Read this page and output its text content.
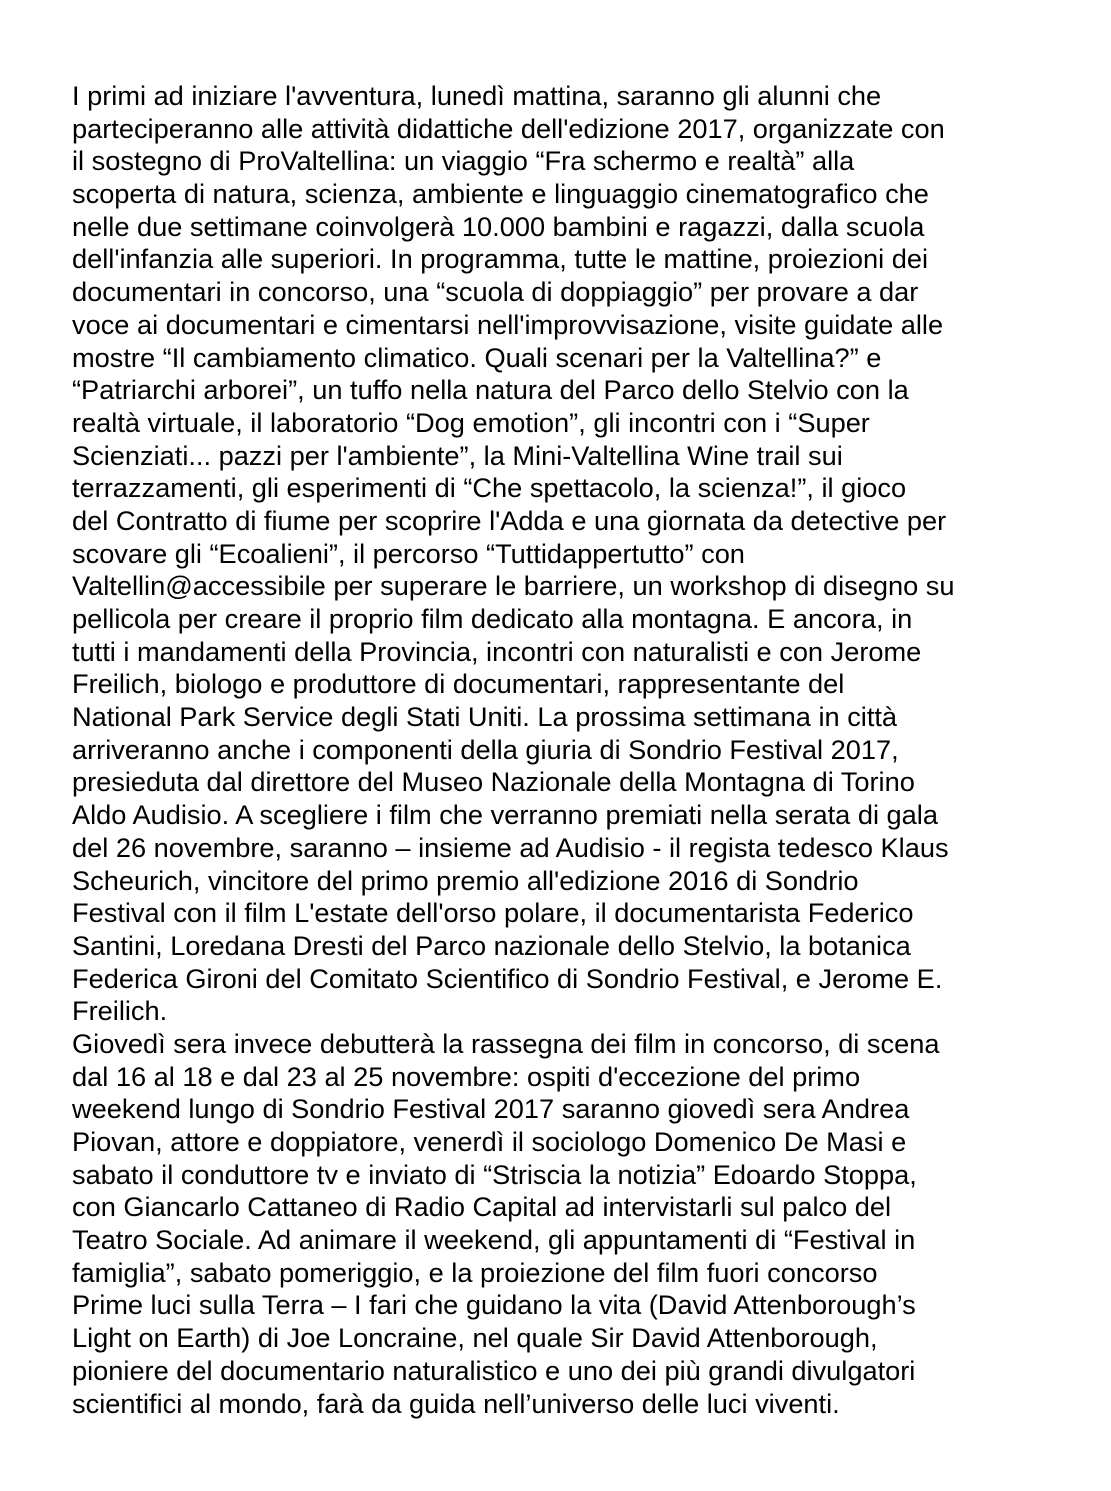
I primi ad iniziare l'avventura, lunedì mattina, saranno gli alunni che
parteciperanno alle attività didattiche dell'edizione 2017, organizzate con
il sostegno di ProValtellina: un viaggio “Fra schermo e realtà” alla
scoperta di natura, scienza, ambiente e linguaggio cinematografico che
nelle due settimane coinvolgerà 10.000 bambini e ragazzi, dalla scuola
dell'infanzia alle superiori. In programma, tutte le mattine, proiezioni dei
documentari in concorso, una “scuola di doppiaggio” per provare a dar
voce ai documentari e cimentarsi nell'improvvisazione, visite guidate alle
mostre “Il cambiamento climatico. Quali scenari per la Valtellina?” e
“Patriarchi arborei”, un tuffo nella natura del Parco dello Stelvio con la
realtà virtuale, il laboratorio “Dog emotion”, gli incontri con i “Super
Scienziati... pazzi per l'ambiente”, la Mini-Valtellina Wine trail sui
terrazzamenti, gli esperimenti di “Che spettacolo, la scienza!”, il gioco
del Contratto di fiume per scoprire l'Adda e una giornata da detective per
scovare gli “Ecoalieni”, il percorso “Tuttidappertutto” con
Valtellin@accessibile per superare le barriere, un workshop di disegno su
pellicola per creare il proprio film dedicato alla montagna. E ancora, in
tutti i mandamenti della Provincia, incontri con naturalisti e con Jerome
Freilich, biologo e produttore di documentari, rappresentante del
National Park Service degli Stati Uniti. La prossima settimana in città
arriveranno anche i componenti della giuria di Sondrio Festival 2017,
presieduta dal direttore del Museo Nazionale della Montagna di Torino
Aldo Audisio. A scegliere i film che verranno premiati nella serata di gala
del 26 novembre, saranno – insieme ad Audisio - il regista tedesco Klaus
Scheurich, vincitore del primo premio all'edizione 2016 di Sondrio
Festival con il film L'estate dell'orso polare, il documentarista Federico
Santini, Loredana Dresti del Parco nazionale dello Stelvio, la botanica
Federica Gironi del Comitato Scientifico di Sondrio Festival, e Jerome E.
Freilich.
Giovedì sera invece debutterà la rassegna dei film in concorso, di scena
dal 16 al 18 e dal 23 al 25 novembre: ospiti d'eccezione del primo
weekend lungo di Sondrio Festival 2017 saranno giovedì sera Andrea
Piovan, attore e doppiatore, venerdì il sociologo Domenico De Masi e
sabato il conduttore tv e inviato di “Striscia la notizia” Edoardo Stoppa,
con Giancarlo Cattaneo di Radio Capital ad intervistarli sul palco del
Teatro Sociale. Ad animare il weekend, gli appuntamenti di “Festival in
famiglia”, sabato pomeriggio, e la proiezione del film fuori concorso
Prime luci sulla Terra – I fari che guidano la vita (David Attenborough’s
Light on Earth) di Joe Loncraine, nel quale Sir David Attenborough,
pioniere del documentario naturalistico e uno dei più grandi divulgatori
scientifici al mondo, farà da guida nell’universo delle luci viventi.
